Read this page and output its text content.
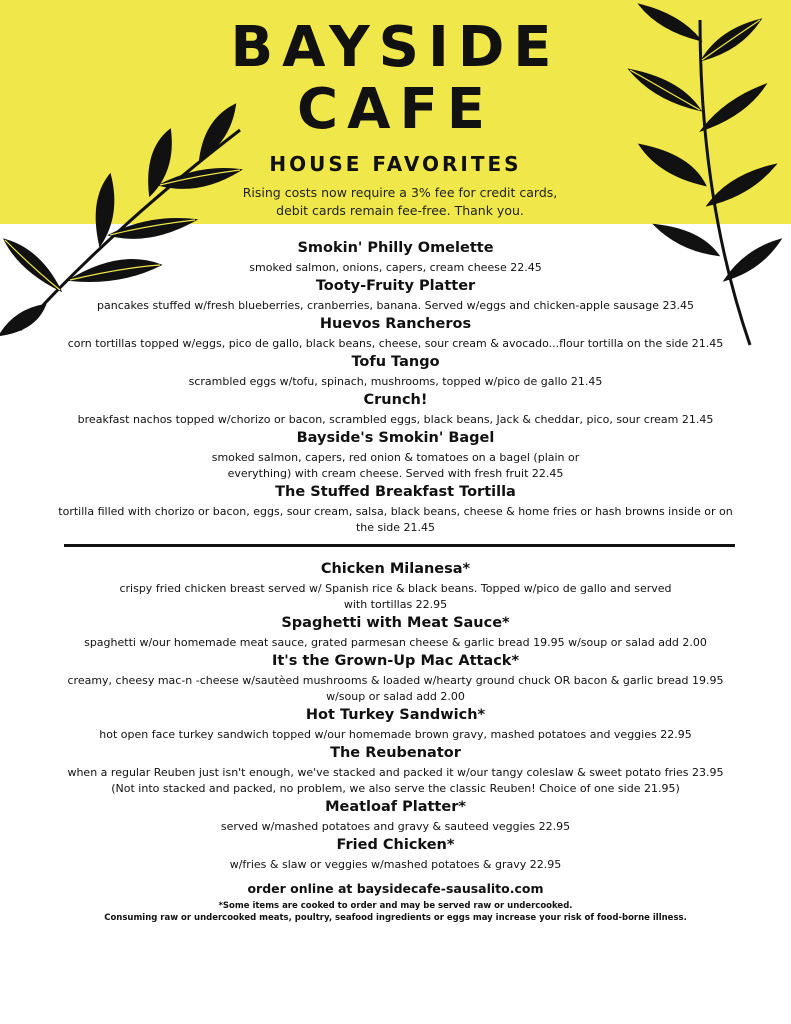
BAYSIDE
CAFE
HOUSE FAVORITES
Rising costs now require a 3% fee for credit cards, debit cards remain fee-free. Thank you.
Smokin' Philly Omelette

smoked salmon, onions, capers, cream cheese 22.45

Tooty-Fruity Platter

pancakes stuffed w/fresh blueberries, cranberries, banana. Served w/eggs and chicken-apple sausage 23.45

Huevos Rancheros

corn tortillas topped w/eggs, pico de gallo, black beans, cheese, sour cream & avocado...flour tortilla on the side 21.45

Tofu Tango

scrambled eggs w/tofu, spinach, mushrooms, topped w/pico de gallo 21.45

Crunch!

breakfast nachos topped w/chorizo or bacon, scrambled eggs, black beans, Jack & cheddar, pico, sour cream 21.45

Bayside's Smokin' Bagel

smoked salmon, capers, red onion & tomatoes on a bagel (plain or everything) with cream cheese. Served with fresh fruit 22.45

The Stuffed Breakfast Tortilla

tortilla filled with chorizo or bacon, eggs, sour cream, salsa, black beans, cheese & home fries or hash browns inside or on the side 21.45

Chicken Milanesa*

crispy fried chicken breast served w/ Spanish rice & black beans. Topped w/pico de gallo and served with tortillas 22.95

Spaghetti with Meat Sauce*

spaghetti w/our homemade meat sauce, grated parmesan cheese & garlic bread 19.95 w/soup or salad add 2.00

It's the Grown-Up Mac Attack*

creamy, cheesy mac-n -cheese w/sautèed mushrooms & loaded w/hearty ground chuck OR bacon & garlic bread 19.95 w/soup or salad add 2.00

Hot Turkey Sandwich*

hot open face turkey sandwich topped w/our homemade brown gravy, mashed potatoes and veggies 22.95

The Reubenator

when a regular Reuben just isn't enough, we've stacked and packed it w/our tangy coleslaw & sweet potato fries 23.95 (Not into stacked and packed, no problem, we also serve the classic Reuben! Choice of one side 21.95)

Meatloaf Platter*

served w/mashed potatoes and gravy & sauteed veggies 22.95

Fried Chicken*

w/fries & slaw or veggies w/mashed potatoes & gravy 22.95

order online at baysidecafe-sausalito.com
*Some items are cooked to order and may be served raw or undercooked.
Consuming raw or undercooked meats, poultry, seafood ingredients or eggs may increase your risk of food-borne illness.
